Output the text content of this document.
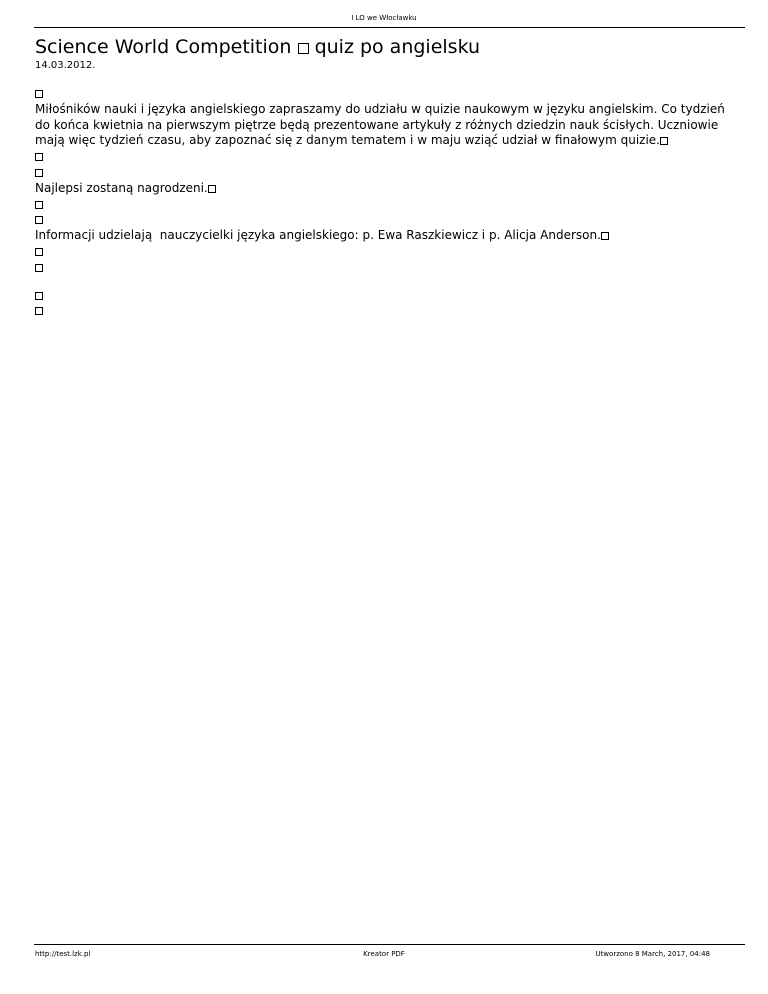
I LO we Włocławku
Science World Competition quiz po angielsku
14.03.2012.
Miłośników nauki i języka angielskiego zapraszamy do udziału w quizie naukowym w języku angielskim. Co tydzień do końca kwietnia na pierwszym piętrze będą prezentowane artykuły z różnych dziedzin nauk ścisłych. Uczniowie mają więc tydzień czasu, aby zapoznać się z danym tematem i w maju wziąć udział w finałowym quizie.
Najlepsi zostaną nagrodzeni.
Informacji udzielają  nauczycielki języka angielskiego: p. Ewa Raszkiewicz i p. Alicja Anderson.
http://test.lzk.pl	Kreator PDF	Utworzono 8 March, 2017, 04:48
